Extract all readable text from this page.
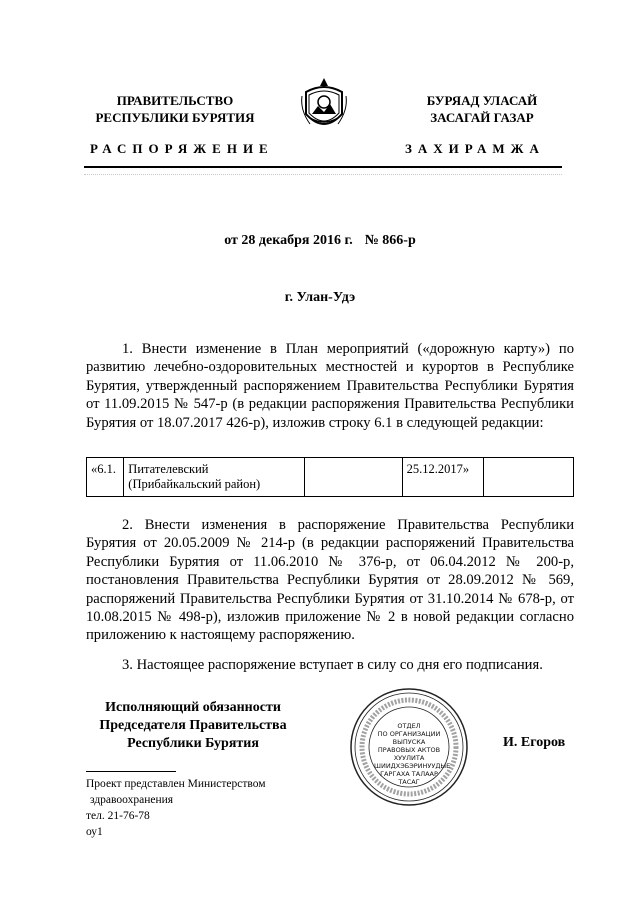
ПРАВИТЕЛЬСТВО
РЕСПУБЛИКИ БУРЯТИЯ
РАСПОРЯЖЕНИЕ
БУРЯАД УЛАСАЙ
ЗАСАГАЙ ГАЗАР
ЗАХИРАМЖА
от 28 декабря 2016 г. № 866-р
г. Улан-Удэ
1. Внести изменение в План мероприятий («дорожную карту») по развитию лечебно-оздоровительных местностей и курортов в Республике Бурятия, утвержденный распоряжением Правительства Республики Бурятия от 11.09.2015 № 547-р (в редакции распоряжения Правительства Республики Бурятия от 18.07.2017 426-р), изложив строку 6.1 в следующей редакции:
«6.1.	Питателевский
(Прибайкальский район)
		25.12.2017»	
2. Внести изменения в распоряжение Правительства Республики Бурятия от 20.05.2009 № 214-р (в редакции распоряжений Правительства Республики Бурятия от 11.06.2010 № 376-р, от 06.04.2012 № 200-р, постановления Правительства Республики Бурятия от 28.09.2012 № 569, распоряжений Правительства Республики Бурятия от 31.10.2014 № 678-р, от 10.08.2015 № 498-р), изложив приложение № 2 в новой редакции согласно приложению к настоящему распоряжению.
3. Настоящее распоряжение вступает в силу со дня его подписания.
Исполняющий обязанности
Председателя Правительства
Республики Бурятия
ОТДЕЛ
ПО ОРГАНИЗАЦИИ
ВЫПУСКА
ПРАВОВЫХ АКТОВ
ХУУЛИТА
ШИИДХЭБЭРИНУУДЫЕ
ГАРГАХА ТАЛААР
ТАСАГ
И. Егоров
Проект представлен Министерством
здравоохранения
тел. 21-76-78
оу1
